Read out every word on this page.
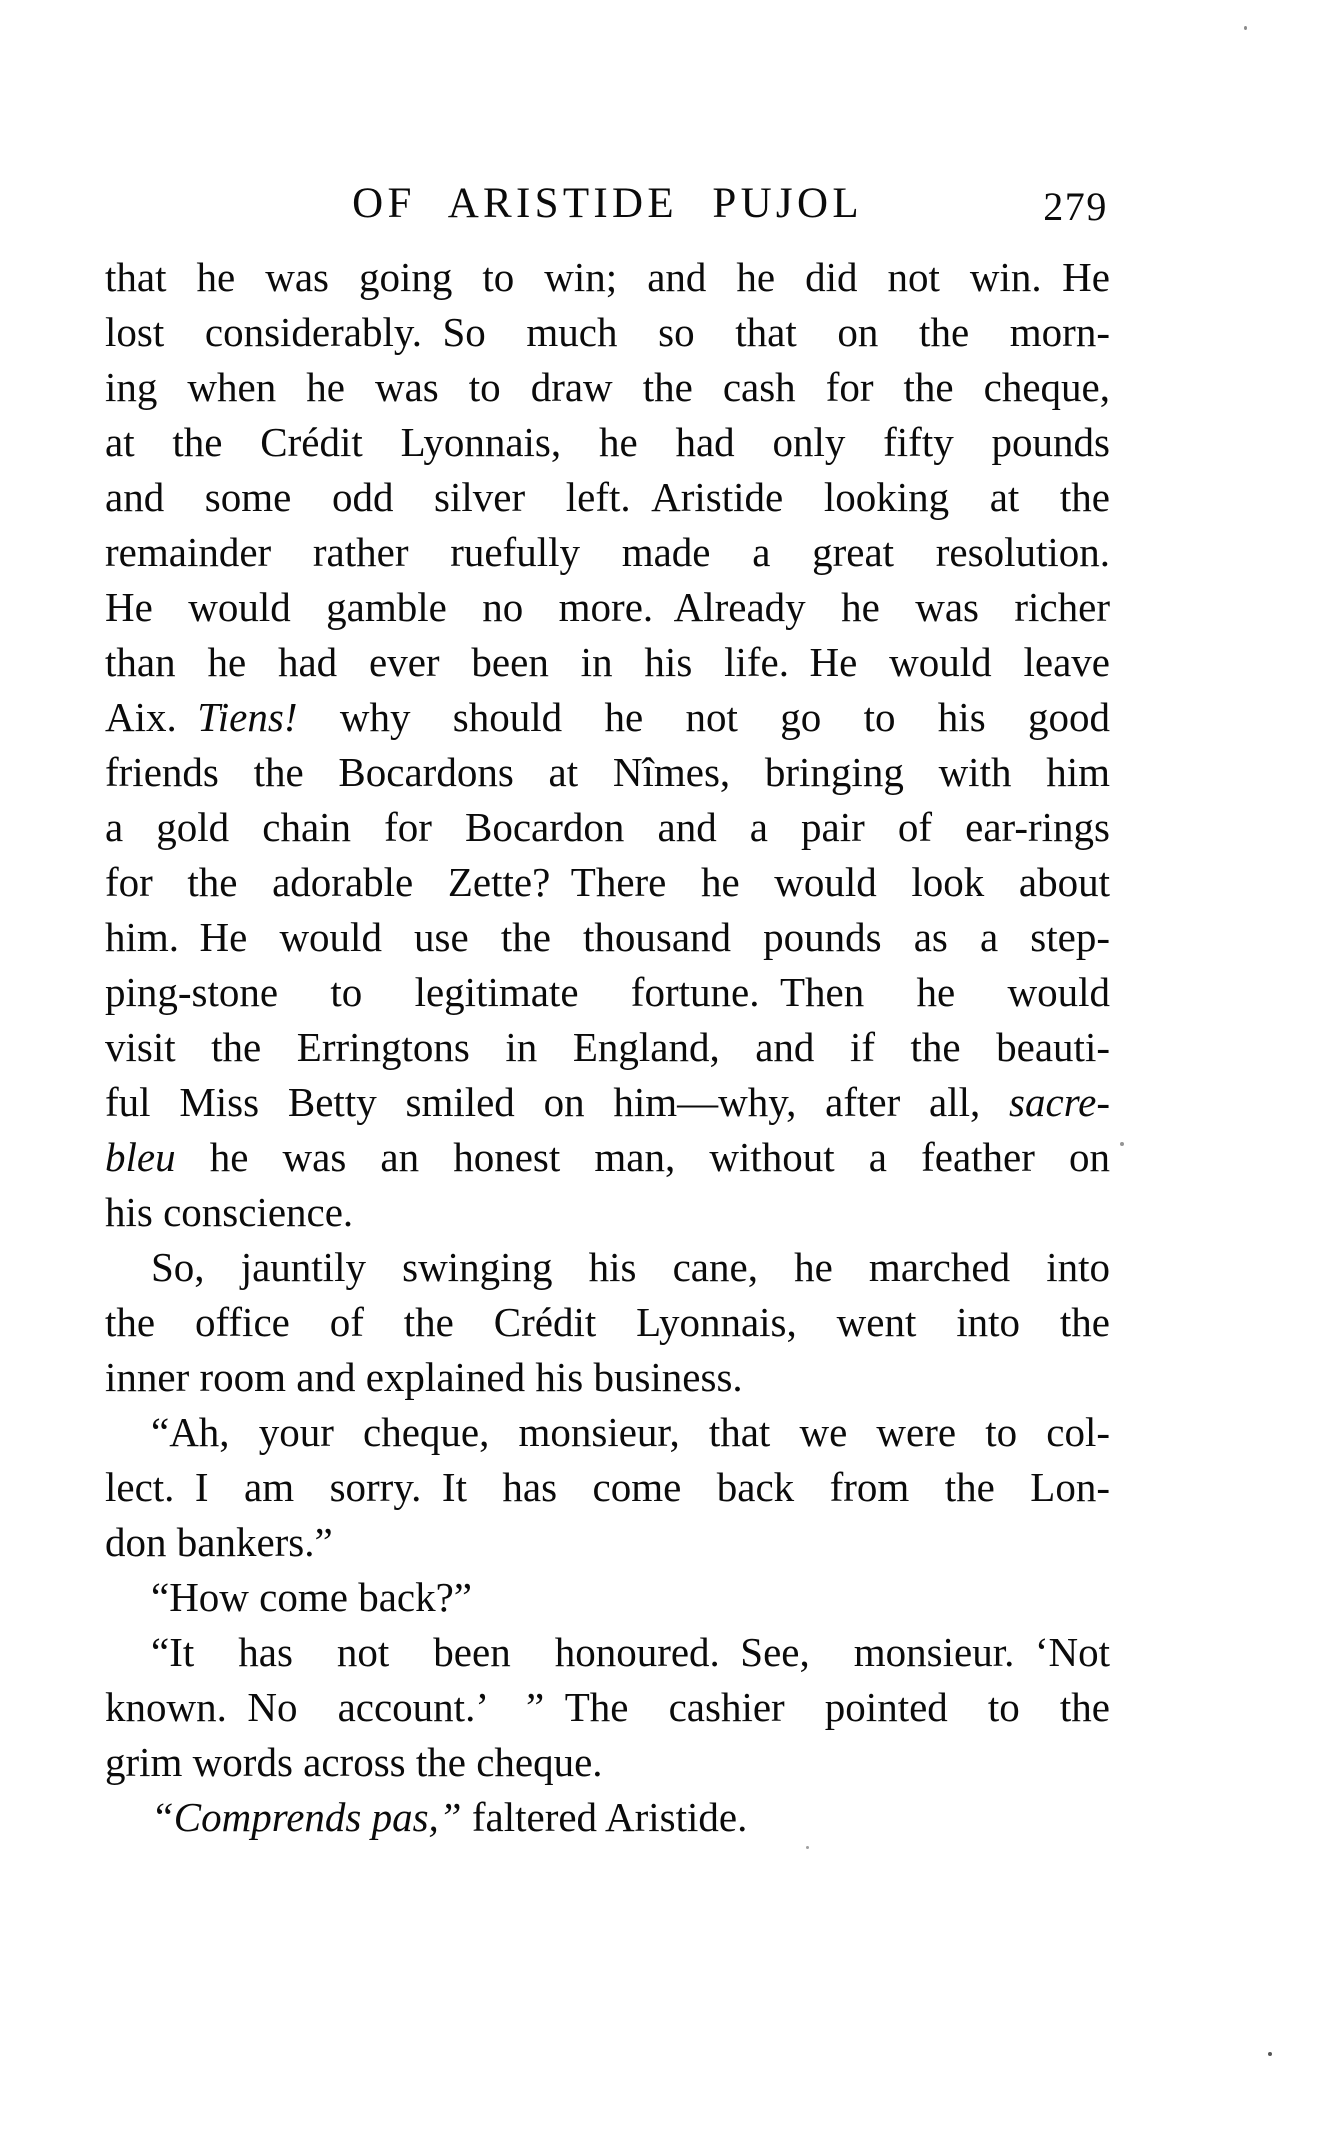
OF ARISTIDE PUJOL	279
that he was going to win; and he did not win. He
lost considerably. So much so that on the morn-
ing when he was to draw the cash for the cheque,
at the Crédit Lyonnais, he had only fifty pounds
and some odd silver left. Aristide looking at the
remainder rather ruefully made a great resolution.
He would gamble no more. Already he was richer
than he had ever been in his life. He would leave
Aix. Tiens! why should he not go to his good
friends the Bocardons at Nîmes, bringing with him
a gold chain for Bocardon and a pair of ear-rings
for the adorable Zette? There he would look about
him. He would use the thousand pounds as a step-
ping-stone to legitimate fortune. Then he would
visit the Erringtons in England, and if the beauti-
ful Miss Betty smiled on him—why, after all, sacre-
bleu he was an honest man, without a feather on
his conscience.
So, jauntily swinging his cane, he marched into
the office of the Crédit Lyonnais, went into the
inner room and explained his business.
“Ah, your cheque, monsieur, that we were to col-
lect. I am sorry. It has come back from the Lon-
don bankers.”
“How come back?”
“It has not been honoured. See, monsieur. ‘Not
known. No account.’ ” The cashier pointed to the
grim words across the cheque.
“Comprends pas,” faltered Aristide.
